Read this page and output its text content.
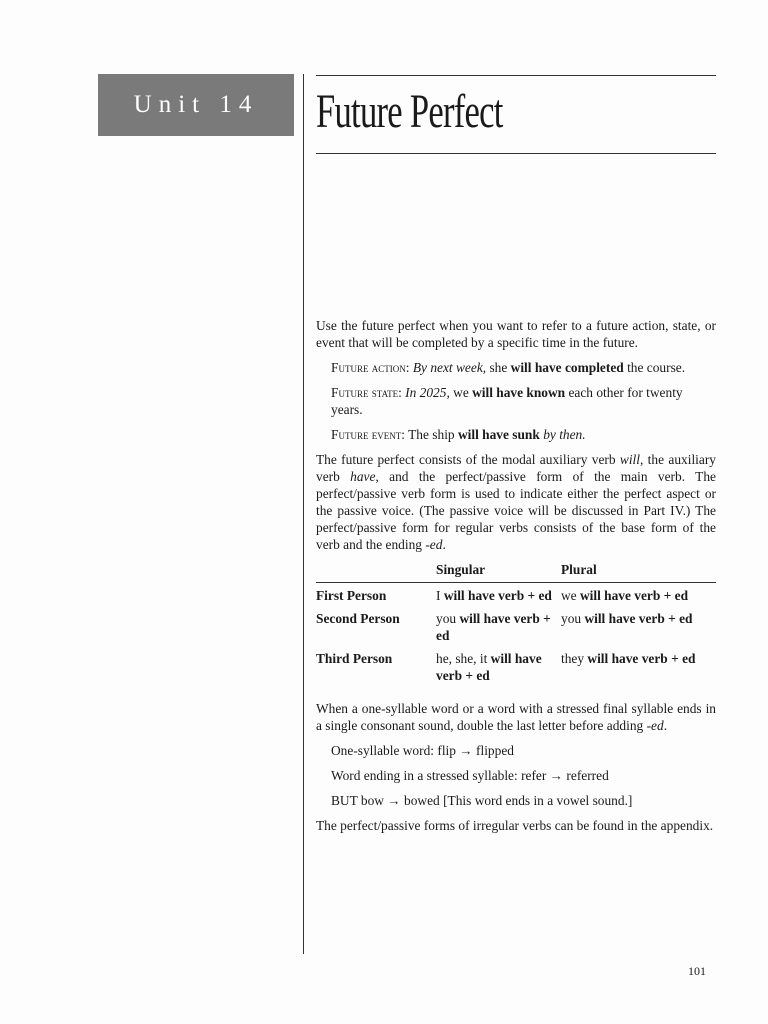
Unit 14 Future Perfect

Use the future perfect when you want to refer to a future action, state, or event that will be completed by a specific time in the future.

Future action: By next week, she will have completed the course.

Future state: In 2025, we will have known each other for twenty years.

Future event: The ship will have sunk by then.

The future perfect consists of the modal auxiliary verb will, the auxiliary verb have, and the perfect/passive form of the main verb. The perfect/passive verb form is used to indicate either the perfect aspect or the passive voice. (The passive voice will be discussed in Part IV.) The perfect/passive form for regular verbs consists of the base form of the verb and the ending -ed.

	Singular	Plural
First Person	I will have verb + ed	we will have verb + ed
Second Person	you will have verb + ed	you will have verb + ed
Third Person	he, she, it will have verb + ed	they will have verb + ed

When a one-syllable word or a word with a stressed final syllable ends in a single consonant sound, double the last letter before adding -ed.

One-syllable word: flip → flipped

Word ending in a stressed syllable: refer → referred

BUT bow → bowed [This word ends in a vowel sound.]

The perfect/passive forms of irregular verbs can be found in the appendix.

101
